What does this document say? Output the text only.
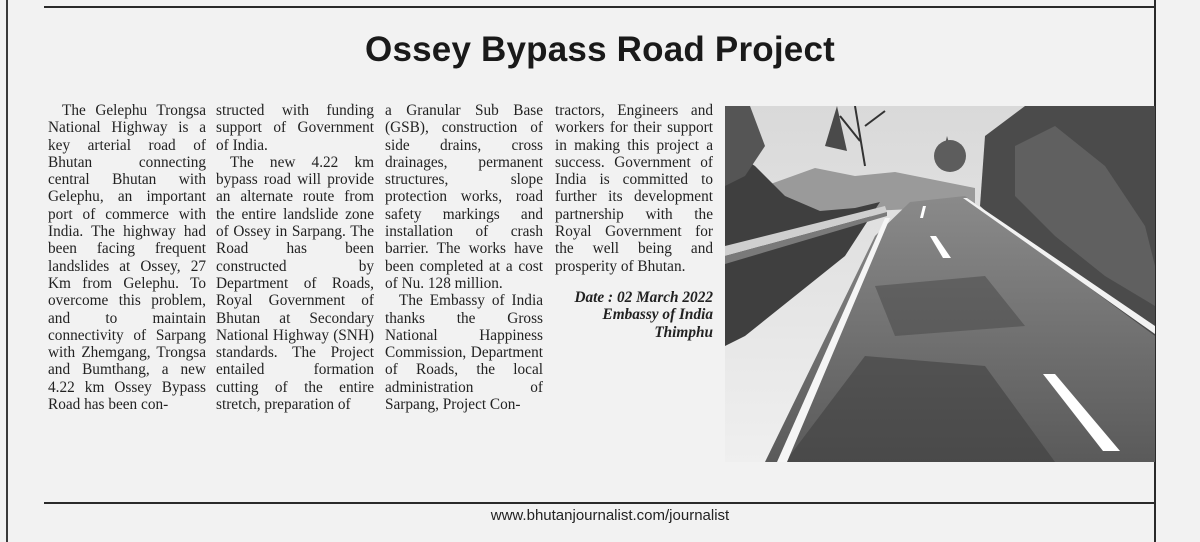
Ossey Bypass Road Project

The Gelephu Trongsa National Highway is a key arterial road of Bhutan connecting central Bhutan with Gelephu, an important port of commerce with India. The highway had been facing frequent landslides at Ossey, 27 Km from Gelephu. To overcome this problem, and to maintain connectivity of Sarpang with Zhemgang, Trongsa and Bumthang, a new 4.22 km Ossey Bypass Road has been con-

structed with funding support of Government of India.

The new 4.22 km bypass road will provide an alternate route from the entire landslide zone of Ossey in Sarpang. The Road has been constructed by Department of Roads, Royal Government of Bhutan at Secondary National Highway (SNH) standards. The Project entailed formation cutting of the entire stretch, preparation of

a Granular Sub Base (GSB), construction of side drains, cross drainages, permanent structures, slope protection works, road safety markings and installation of crash barrier. The works have been completed at a cost of Nu. 128 million.

The Embassy of India thanks the Gross National Happiness Commission, Department of Roads, the local administration of Sarpang, Project Con-

tractors, Engineers and workers for their support in making this project a success. Government of India is committed to further its development partnership with the Royal Government for the well being and prosperity of Bhutan.

Date : 02 March 2022
Embassy of India
Thimphu
www.bhutanjournalist.com/journalist
